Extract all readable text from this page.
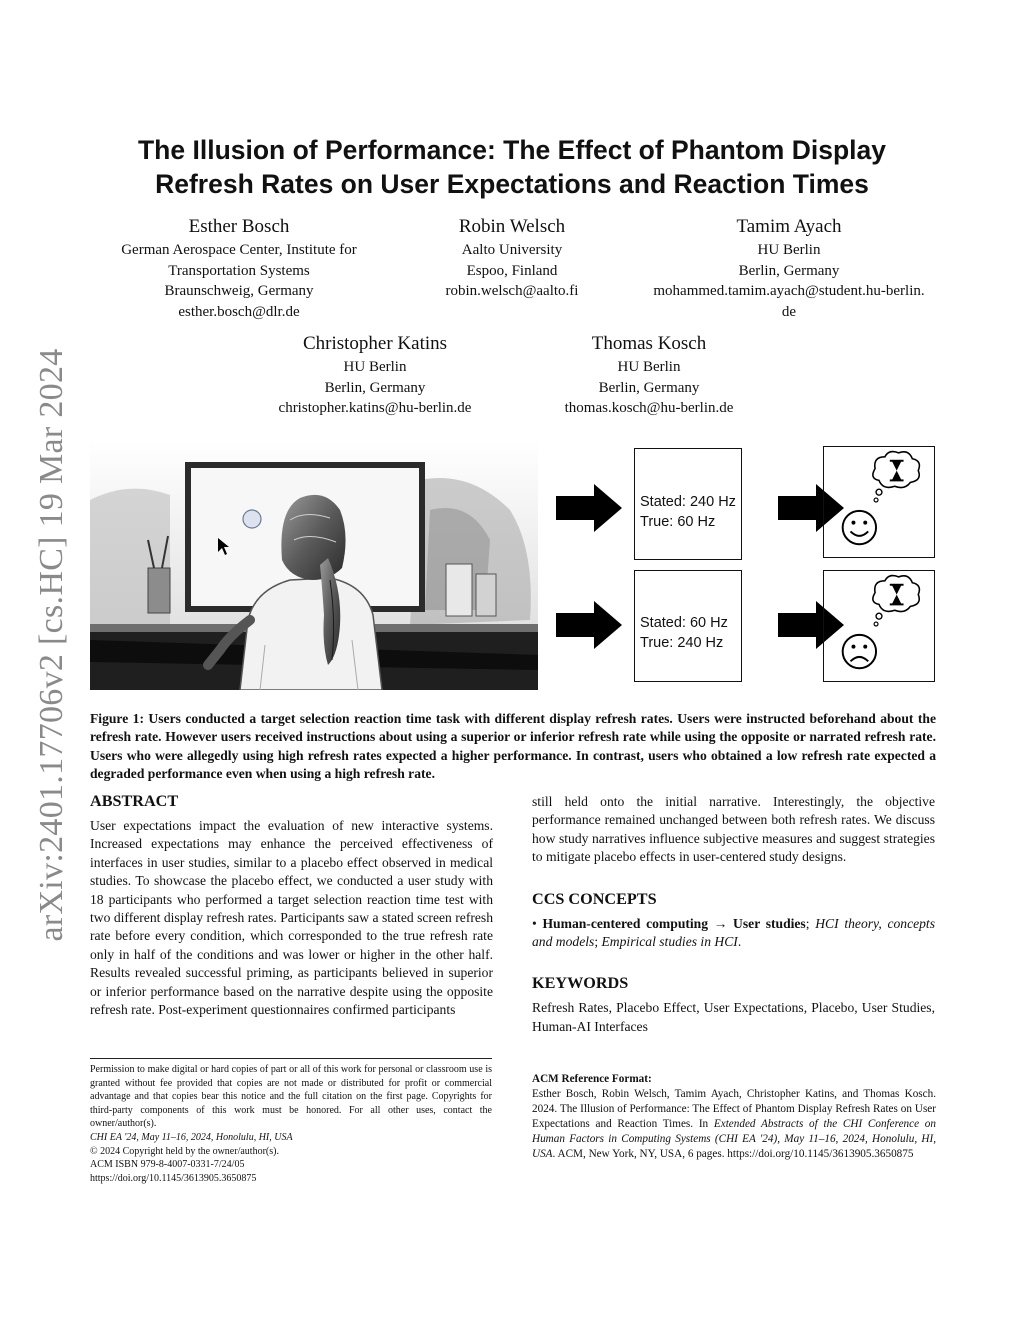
arXiv:2401.17706v2 [cs.HC] 19 Mar 2024
The Illusion of Performance: The Effect of Phantom Display Refresh Rates on User Expectations and Reaction Times
Esther Bosch
German Aerospace Center, Institute for Transportation Systems
Braunschweig, Germany
esther.bosch@dlr.de
Robin Welsch
Aalto University
Espoo, Finland
robin.welsch@aalto.fi
Tamim Ayach
HU Berlin
Berlin, Germany
mohammed.tamim.ayach@student.hu-berlin.de
Christopher Katins
HU Berlin
Berlin, Germany
christopher.katins@hu-berlin.de
Thomas Kosch
HU Berlin
Berlin, Germany
thomas.kosch@hu-berlin.de
Stated: 240 Hz
True: 60 Hz
Stated: 60 Hz
True: 240 Hz

Figure 1: Users conducted a target selection reaction time task with different display refresh rates. Users were instructed beforehand about the refresh rate. However users received instructions about using a superior or inferior refresh rate while using the opposite or narrated refresh rate. Users who were allegedly using high refresh rates expected a higher performance. In contrast, users who obtained a low refresh rate expected a degraded performance even when using a high refresh rate.

ABSTRACT

User expectations impact the evaluation of new interactive systems. Increased expectations may enhance the perceived effectiveness of interfaces in user studies, similar to a placebo effect observed in medical studies. To showcase the placebo effect, we conducted a user study with 18 participants who performed a target selection reaction time test with two different display refresh rates. Participants saw a stated screen refresh rate before every condition, which corresponded to the true refresh rate only in half of the conditions and was lower or higher in the other half. Results revealed successful priming, as participants believed in superior or inferior performance based on the narrative despite using the opposite refresh rate. Post-experiment questionnaires confirmed participants

still held onto the initial narrative. Interestingly, the objective performance remained unchanged between both refresh rates. We discuss how study narratives influence subjective measures and suggest strategies to mitigate placebo effects in user-centered study designs.

CCS CONCEPTS

• Human-centered computing → User studies; HCI theory, concepts and models; Empirical studies in HCI.

KEYWORDS

Refresh Rates, Placebo Effect, User Expectations, Placebo, User Studies, Human-AI Interfaces

Permission to make digital or hard copies of part or all of this work for personal or classroom use is granted without fee provided that copies are not made or distributed for profit or commercial advantage and that copies bear this notice and the full citation on the first page. Copyrights for third-party components of this work must be honored. For all other uses, contact the owner/author(s).

CHI EA '24, May 11–16, 2024, Honolulu, HI, USA

© 2024 Copyright held by the owner/author(s).

ACM ISBN 979-8-4007-0331-7/24/05

https://doi.org/10.1145/3613905.3650875

ACM Reference Format:

Esther Bosch, Robin Welsch, Tamim Ayach, Christopher Katins, and Thomas Kosch. 2024. The Illusion of Performance: The Effect of Phantom Display Refresh Rates on User Expectations and Reaction Times. In Extended Abstracts of the CHI Conference on Human Factors in Computing Systems (CHI EA '24), May 11–16, 2024, Honolulu, HI, USA. ACM, New York, NY, USA, 6 pages. https://doi.org/10.1145/3613905.3650875
